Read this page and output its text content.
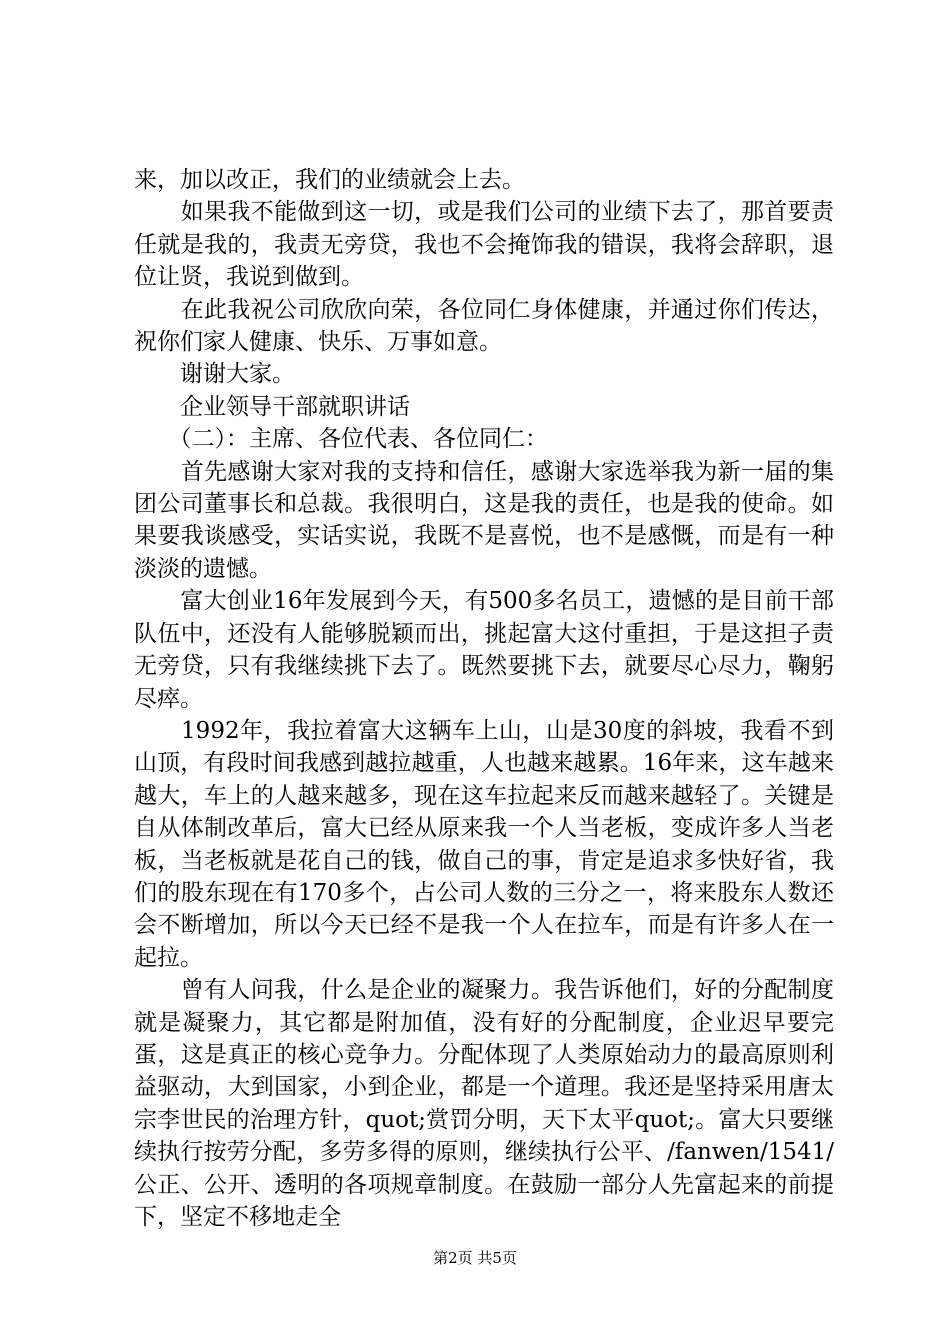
来，加以改正，我们的业绩就会上去。

　　如果我不能做到这一切，或是我们公司的业绩下去了，那首要责任就是我的，我责无旁贷，我也不会掩饰我的错误，我将会辞职，退位让贤，我说到做到。

　　在此我祝公司欣欣向荣，各位同仁身体健康，并通过你们传达，祝你们家人健康、快乐、万事如意。

　　谢谢大家。

　　企业领导干部就职讲话

　　（二）：主席、各位代表、各位同仁：

　　首先感谢大家对我的支持和信任，感谢大家选举我为新一届的集团公司董事长和总裁。我很明白，这是我的责任，也是我的使命。如果要我谈感受，实话实说，我既不是喜悦，也不是感慨，而是有一种淡淡的遗憾。

　　富大创业16年发展到今天，有500多名员工，遗憾的是目前干部队伍中，还没有人能够脱颖而出，挑起富大这付重担，于是这担子责无旁贷，只有我继续挑下去了。既然要挑下去，就要尽心尽力，鞠躬尽瘁。

　　1992年，我拉着富大这辆车上山，山是30度的斜坡，我看不到山顶，有段时间我感到越拉越重，人也越来越累。16年来，这车越来越大，车上的人越来越多，现在这车拉起来反而越来越轻了。关键是自从体制改革后，富大已经从原来我一个人当老板，变成许多人当老板，当老板就是花自己的钱，做自己的事，肯定是追求多快好省，我们的股东现在有170多个，占公司人数的三分之一，将来股东人数还会不断增加，所以今天已经不是我一个人在拉车，而是有许多人在一起拉。

　　曾有人问我，什么是企业的凝聚力。我告诉他们，好的分配制度就是凝聚力，其它都是附加值，没有好的分配制度，企业迟早要完蛋，这是真正的核心竞争力。分配体现了人类原始动力的最高原则利益驱动，大到国家，小到企业，都是一个道理。我还是坚持采用唐太宗李世民的治理方针，quot;赏罚分明，天下太平quot;。富大只要继续执行按劳分配，多劳多得的原则，继续执行公平、/fanwen/1541/公正、公开、透明的各项规章制度。在鼓励一部分人先富起来的前提下，坚定不移地走全

第2页 共5页
